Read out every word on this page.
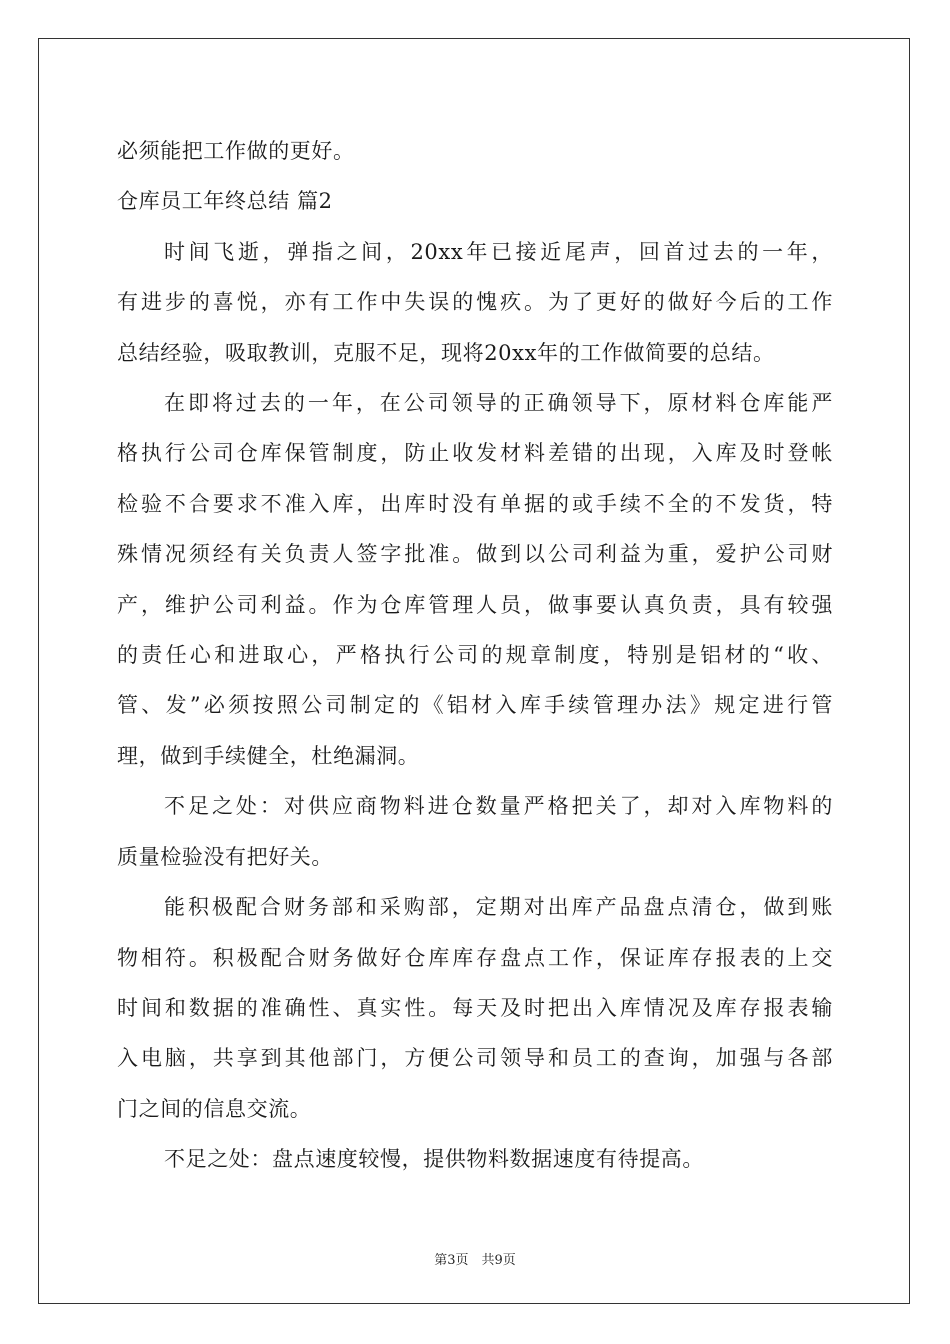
必须能把工作做的更好。
仓库员工年终总结 篇2
时间飞逝，弹指之间，20xx年已接近尾声，回首过去的一年，
有进步的喜悦，亦有工作中失误的愧疚。为了更好的做好今后的工作
总结经验，吸取教训，克服不足，现将20xx年的工作做简要的总结。
在即将过去的一年，在公司领导的正确领导下，原材料仓库能严
格执行公司仓库保管制度，防止收发材料差错的出现，入库及时登帐
检验不合要求不准入库，出库时没有单据的或手续不全的不发货，特
殊情况须经有关负责人签字批准。做到以公司利益为重，爱护公司财
产，维护公司利益。作为仓库管理人员，做事要认真负责，具有较强
的责任心和进取心，严格执行公司的规章制度，特别是铝材的“收、
管、发”必须按照公司制定的《铝材入库手续管理办法》规定进行管
理，做到手续健全，杜绝漏洞。
不足之处：对供应商物料进仓数量严格把关了，却对入库物料的
质量检验没有把好关。
能积极配合财务部和采购部，定期对出库产品盘点清仓，做到账
物相符。积极配合财务做好仓库库存盘点工作，保证库存报表的上交
时间和数据的准确性、真实性。每天及时把出入库情况及库存报表输
入电脑，共享到其他部门，方便公司领导和员工的查询，加强与各部
门之间的信息交流。
不足之处：盘点速度较慢，提供物料数据速度有待提高。
第3页　共9页
